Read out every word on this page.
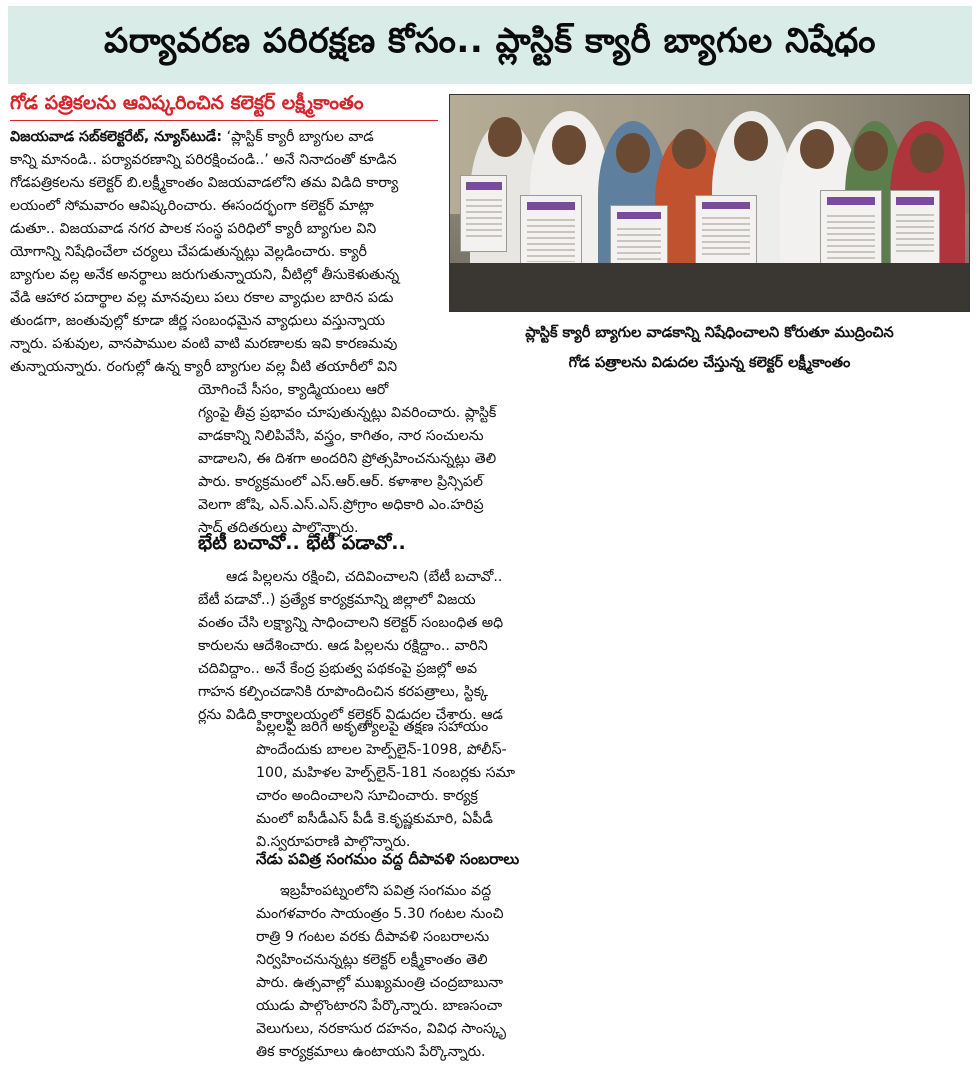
పర్యావరణ పరిరక్షణ కోసం.. ప్లాస్టిక్ క్యారీ బ్యాగుల నిషేధం
గోడ పత్రికలను ఆవిష్కరించిన కలెక్టర్ లక్ష్మీకాంతం
ప్లాస్టిక్ క్యారీ బ్యాగుల వాడకాన్ని నిషేధించాలని కోరుతూ ముద్రించిన
గోడ పత్రాలను విడుదల చేస్తున్న కలెక్టర్ లక్ష్మీకాంతం
విజయవాడ సబ్‌కలెక్టరేట్, న్యూస్‌టుడే: ‘ప్లాస్టిక్ క్యారీ బ్యాగుల వాడ
కాన్ని మానండి.. పర్యావరణాన్ని పరిరక్షించండి..’ అనే నినాదంతో కూడిన
గోడపత్రికలను కలెక్టర్ బి.లక్ష్మీకాంతం విజయవాడలోని తమ విడిది కార్యా
లయంలో సోమవారం ఆవిష్కరించారు. ఈసందర్భంగా కలెక్టర్ మాట్లా
డుతూ.. విజయవాడ నగర పాలక సంస్థ పరిధిలో క్యారీ బ్యాగుల విని
యోగాన్ని నిషేధించేలా చర్యలు చేపడుతున్నట్లు వెల్లడించారు. క్యారీ
బ్యాగుల వల్ల అనేక అనర్థాలు జరుగుతున్నాయని, వీటిల్లో తీసుకెళుతున్న
వేడి ఆహార పదార్థాల వల్ల మానవులు పలు రకాల వ్యాధుల బారిన పడు
తుండగా, జంతువుల్లో కూడా జీర్ణ సంబంధమైన వ్యాధులు వస్తున్నాయ
న్నారు. పశువుల, వానపాముల వంటి వాటి మరణాలకు ఇవి కారణమవు
తున్నాయన్నారు. రంగుల్లో ఉన్న క్యారీ బ్యాగుల వల్ల వీటి తయారీలో విని
యోగించే సీసం, క్యాడ్మియంలు ఆరో
గ్యంపై తీవ్ర ప్రభావం చూపుతున్నట్లు వివరించారు. ప్లాస్టిక్
వాడకాన్ని నిలిపివేసి, వస్త్రం, కాగితం, నార సంచులను
వాడాలని, ఈ దిశగా అందరిని ప్రోత్సహించనున్నట్లు తెలి
పారు. కార్యక్రమంలో ఎస్.ఆర్.ఆర్. కళాశాల ప్రిన్సిపల్
వెలగా జోషి, ఎన్.ఎస్.ఎస్.ప్రోగ్రాం అధికారి ఎం.హరిప్ర
సాద్ తదితరులు పాల్గొన్నారు.
భేటీ బచావో.. భేటీ పడావో..
ఆడ పిల్లలను రక్షించి, చదివించాలని (బేటీ బచావో..
బేటీ పడావో..) ప్రత్యేక కార్యక్రమాన్ని జిల్లాలో విజయ
వంతం చేసి లక్ష్యాన్ని సాధించాలని కలెక్టర్ సంబంధిత అధి
కారులను ఆదేశించారు. ఆడ పిల్లలను రక్షిద్దాం.. వారిని
చదివిద్దాం.. అనే కేంద్ర ప్రభుత్వ పథకంపై ప్రజల్లో అవ
గాహన కల్పించడానికి రూపొందించిన కరపత్రాలు, స్టిక్క
ర్లను విడిది కార్యాలయంలో కలెక్టర్ విడుదల చేశారు. ఆడ
పిల్లలపై జరిగే అకృత్యాలపై తక్షణ సహాయం
పొందేందుకు బాలల హెల్ప్‌లైన్-1098, పోలీస్-
100, మహిళల హెల్ప్‌లైన్-181 నంబర్లకు సమా
చారం అందించాలని సూచించారు. కార్యక్ర
మంలో ఐసీడీఎస్ పీడీ కె.కృష్ణకుమారి, ఏపీడీ
వి.స్వరూపరాణి పాల్గొన్నారు.
నేడు పవిత్ర సంగమం వద్ద దీపావళి సంబరాలు
ఇబ్రహీంపట్నంలోని పవిత్ర సంగమం వద్ద
మంగళవారం సాయంత్రం 5.30 గంటల నుంచి
రాత్రి 9 గంటల వరకు దీపావళి సంబరాలను
నిర్వహించనున్నట్లు కలెక్టర్ లక్ష్మీకాంతం తెలి
పారు. ఉత్సవాల్లో ముఖ్యమంత్రి చంద్రబాబునా
యుడు పాల్గొంటారని పేర్కొన్నారు. బాణసంచా
వెలుగులు, నరకాసుర దహనం, వివిధ సాంస్కృ
తిక కార్యక్రమాలు ఉంటాయని పేర్కొన్నారు.
